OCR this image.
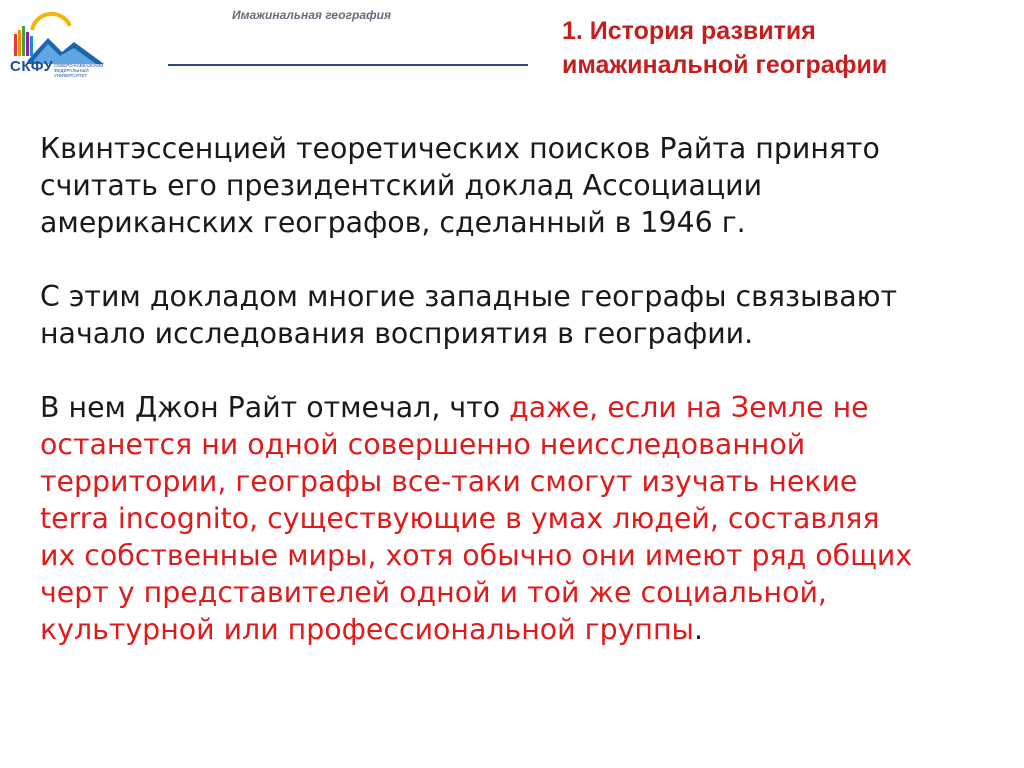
СКФУ СЕВЕРО-КАВКАЗСКИЙ
ФЕДЕРАЛЬНЫЙ
УНИВЕРСИТЕТ
Имажинальная география
1. История развития
имажинальной географии

Квинтэссенцией теоретических поисков Райта принято
считать его президентский доклад Ассоциации
американских географов, сделанный в 1946 г.

С этим докладом многие западные географы связывают
начало исследования восприятия в географии.

В нем Джон Райт отмечал, что даже, если на Земле не
останется ни одной совершенно неисследованной
территории, географы все-таки смогут изучать некие
terra incognito, существующие в умах людей, составляя
их собственные миры, хотя обычно они имеют ряд общих
черт у представителей одной и той же социальной,
культурной или профессиональной группы.
